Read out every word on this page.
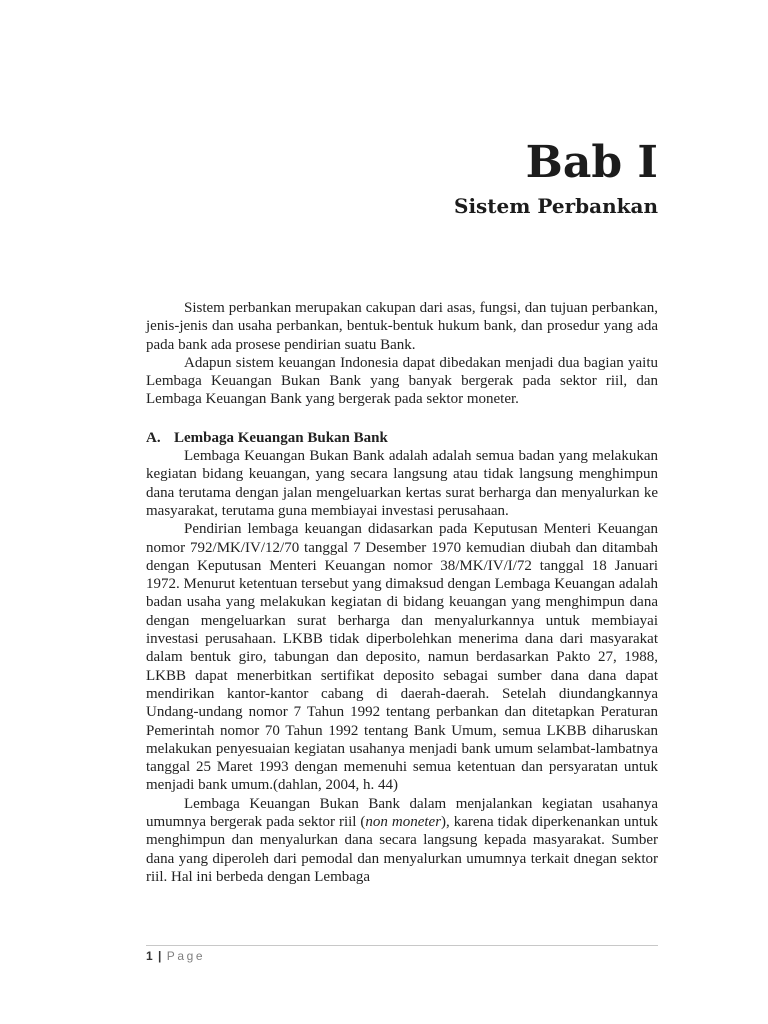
Bab I
Sistem Perbankan

Sistem perbankan merupakan cakupan dari asas, fungsi, dan tujuan perbankan, jenis-jenis dan usaha perbankan, bentuk-bentuk hukum bank, dan prosedur yang ada pada bank ada prosese pendirian suatu Bank.

Adapun sistem keuangan Indonesia dapat dibedakan menjadi dua bagian yaitu Lembaga Keuangan Bukan Bank yang banyak bergerak pada sektor riil, dan Lembaga Keuangan Bank yang bergerak pada sektor moneter.

A. Lembaga Keuangan Bukan Bank

Lembaga Keuangan Bukan Bank adalah adalah semua badan yang melakukan kegiatan bidang keuangan, yang secara langsung atau tidak langsung menghimpun dana terutama dengan jalan mengeluarkan kertas surat berharga dan menyalurkan ke masyarakat, terutama guna membiayai investasi perusahaan.

Pendirian lembaga keuangan didasarkan pada Keputusan Menteri Keuangan nomor 792/MK/IV/12/70 tanggal 7 Desember 1970 kemudian diubah dan ditambah dengan Keputusan Menteri Keuangan nomor 38/MK/IV/I/72 tanggal 18 Januari 1972. Menurut ketentuan tersebut yang dimaksud dengan Lembaga Keuangan adalah badan usaha yang melakukan kegiatan di bidang keuangan yang menghimpun dana dengan mengeluarkan surat berharga dan menyalurkannya untuk membiayai investasi perusahaan. LKBB tidak diperbolehkan menerima dana dari masyarakat dalam bentuk giro, tabungan dan deposito, namun berdasarkan Pakto 27, 1988, LKBB dapat menerbitkan sertifikat deposito sebagai sumber dana dana dapat mendirikan kantor-kantor cabang di daerah-daerah. Setelah diundangkannya Undang-undang nomor 7 Tahun 1992 tentang perbankan dan ditetapkan Peraturan Pemerintah nomor 70 Tahun 1992 tentang Bank Umum, semua LKBB diharuskan melakukan penyesuaian kegiatan usahanya menjadi bank umum selambat-lambatnya tanggal 25 Maret 1993 dengan memenuhi semua ketentuan dan persyaratan untuk menjadi bank umum.(dahlan, 2004, h. 44)

Lembaga Keuangan Bukan Bank dalam menjalankan kegiatan usahanya umumnya bergerak pada sektor riil (non moneter), karena tidak diperkenankan untuk menghimpun dan menyalurkan dana secara langsung kepada masyarakat. Sumber dana yang diperoleh dari pemodal dan menyalurkan umumnya terkait dnegan sektor riil. Hal ini berbeda dengan Lembaga

1 | Page
